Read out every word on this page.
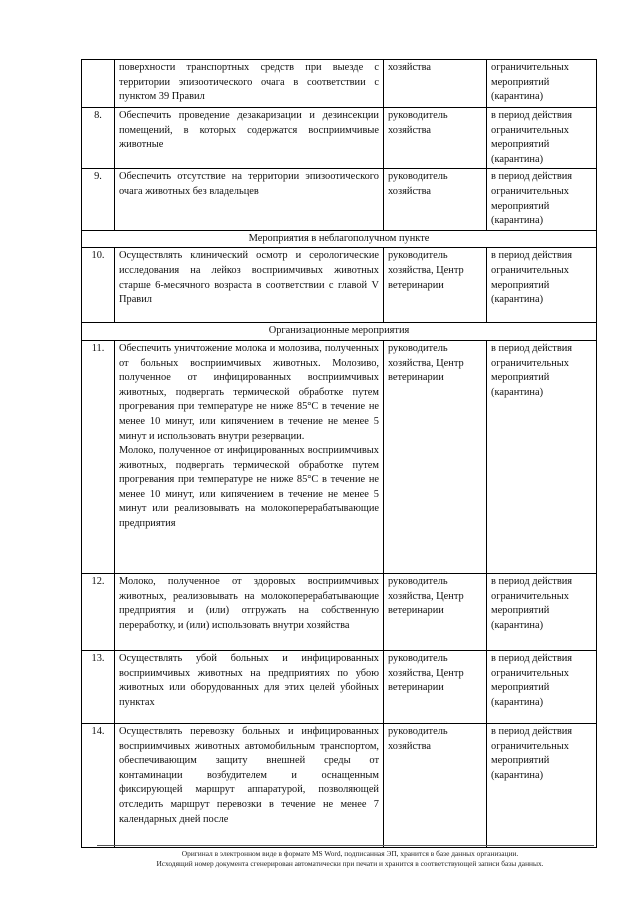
	поверхности транспортных средств при выезде с территории эпизоотического очага в соответствии с пунктом 39 Правил	хозяйства	ограничительных мероприятий (карантина)
8.	Обеспечить проведение дезакаризации и дезинсекции помещений, в которых содержатся восприимчивые животные	руководитель хозяйства	в период действия ограничительных мероприятий (карантина)
9.	Обеспечить отсутствие на территории эпизоотического очага животных без владельцев	руководитель хозяйства	в период действия ограничительных мероприятий (карантина)
Мероприятия в неблагополучном пункте			
10.	Осуществлять клинический осмотр и серологические исследования на лейкоз восприимчивых животных старше 6-месячного возраста в соответствии с главой V Правил	руководитель хозяйства, Центр ветеринарии	в период действия ограничительных мероприятий (карантина)
Организационные мероприятия			
11.	Обеспечить уничтожение молока и молозива, полученных от больных восприимчивых животных. Молозиво, полученное от инфицированных восприимчивых животных, подвергать термической обработке путем прогревания при температуре не ниже 85°С в течение не менее 10 минут, или кипячением в течение не менее 5 минут и использовать внутри резервации.

Молоко, полученное от инфицированных восприимчивых животных, подвергать термической обработке путем прогревания при температуре не ниже 85°С в течение не менее 10 минут, или кипячением в течение не менее 5 минут или реализовывать на молокоперерабатывающие предприятия	руководитель хозяйства, Центр ветеринарии	в период действия ограничительных мероприятий (карантина)
12.	Молоко, полученное от здоровых восприимчивых животных, реализовывать на молокоперерабатывающие предприятия и (или) отгружать на собственную переработку, и (или) использовать внутри хозяйства	руководитель хозяйства, Центр ветеринарии	в период действия ограничительных мероприятий (карантина)
13.	Осуществлять убой больных и инфицированных восприимчивых животных на предприятиях по убою животных или оборудованных для этих целей убойных пунктах	руководитель хозяйства, Центр ветеринарии	в период действия ограничительных мероприятий (карантина)
14.	Осуществлять перевозку больных и инфицированных восприимчивых животных автомобильным транспортом, обеспечивающим защиту внешней среды от контаминации возбудителем и оснащенным фиксирующей маршрут аппаратурой, позволяющей отследить маршрут перевозки в течение не менее 7 календарных дней после	руководитель хозяйства	в период действия ограничительных мероприятий (карантина)
Оригинал в электронном виде в формате MS Word, подписанная ЭП, хранится в базе данных организации.
Исходящий номер документа сгенерирован автоматически при печати и хранится в соответствующей записи базы данных.
